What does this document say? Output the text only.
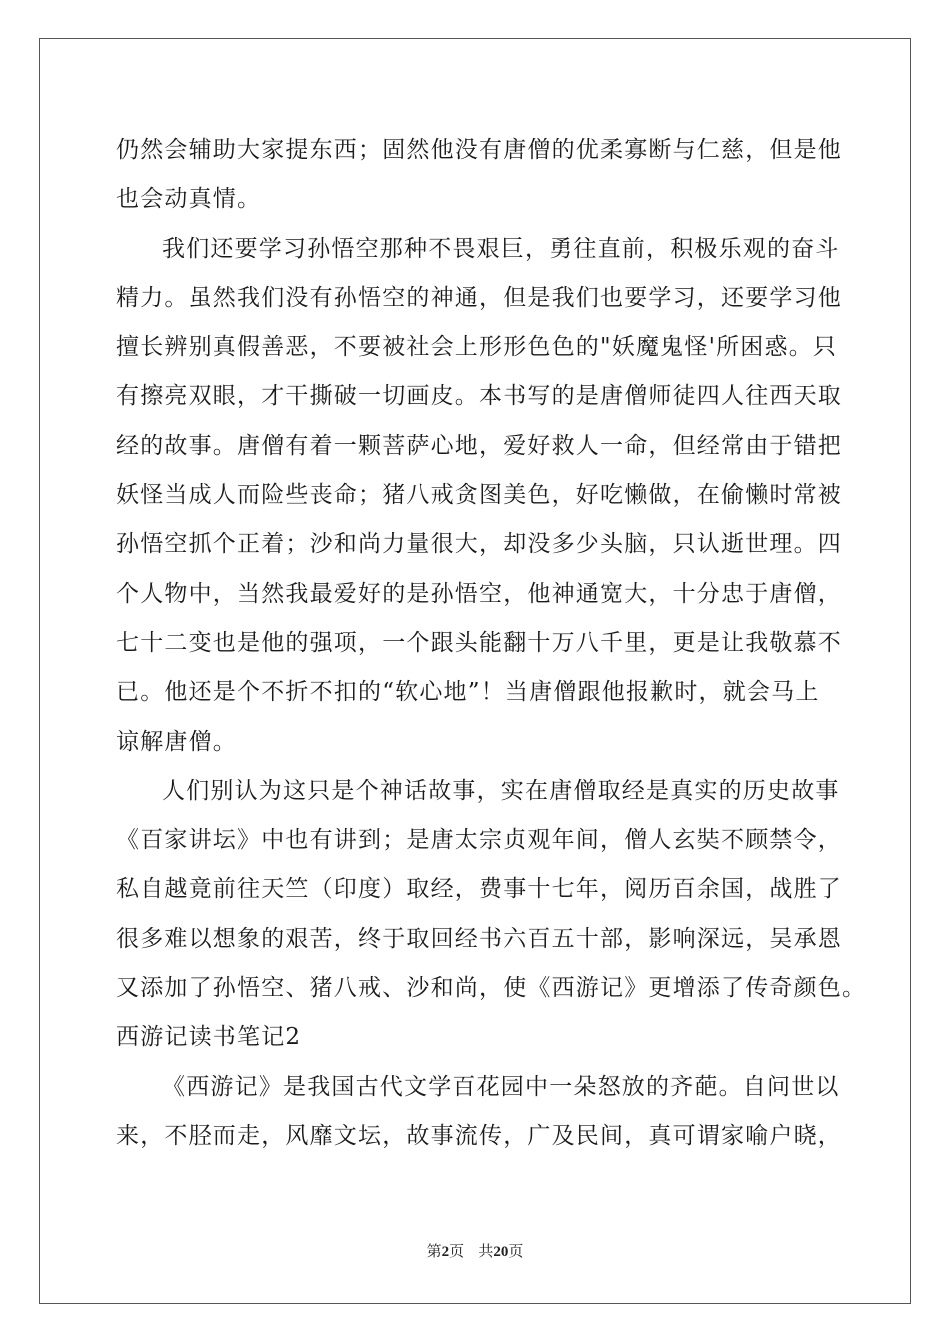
仍然会辅助大家提东西；固然他没有唐僧的优柔寡断与仁慈，但是他
也会动真情。
我们还要学习孙悟空那种不畏艰巨，勇往直前，积极乐观的奋斗
精力。虽然我们没有孙悟空的神通，但是我们也要学习，还要学习他
擅长辨别真假善恶，不要被社会上形形色色的"妖魔鬼怪'所困惑。只
有擦亮双眼，才干撕破一切画皮。本书写的是唐僧师徒四人往西天取
经的故事。唐僧有着一颗菩萨心地，爱好救人一命，但经常由于错把
妖怪当成人而险些丧命；猪八戒贪图美色，好吃懒做，在偷懒时常被
孙悟空抓个正着；沙和尚力量很大，却没多少头脑，只认逝世理。四
个人物中，当然我最爱好的是孙悟空，他神通宽大，十分忠于唐僧，
七十二变也是他的强项，一个跟头能翻十万八千里，更是让我敬慕不
已。他还是个不折不扣的“软心地”！当唐僧跟他报歉时，就会马上
谅解唐僧。
人们别认为这只是个神话故事，实在唐僧取经是真实的历史故事
《百家讲坛》中也有讲到；是唐太宗贞观年间，僧人玄奘不顾禁令，
私自越竟前往天竺（印度）取经，费事十七年，阅历百余国，战胜了
很多难以想象的艰苦，终于取回经书六百五十部，影响深远，吴承恩
又添加了孙悟空、猪八戒、沙和尚，使《西游记》更增添了传奇颜色。
西游记读书笔记2
《西游记》是我国古代文学百花园中一朵怒放的齐葩。自问世以
来，不胫而走，风靡文坛，故事流传，广及民间，真可谓家喻户晓，
第2页 共20页
